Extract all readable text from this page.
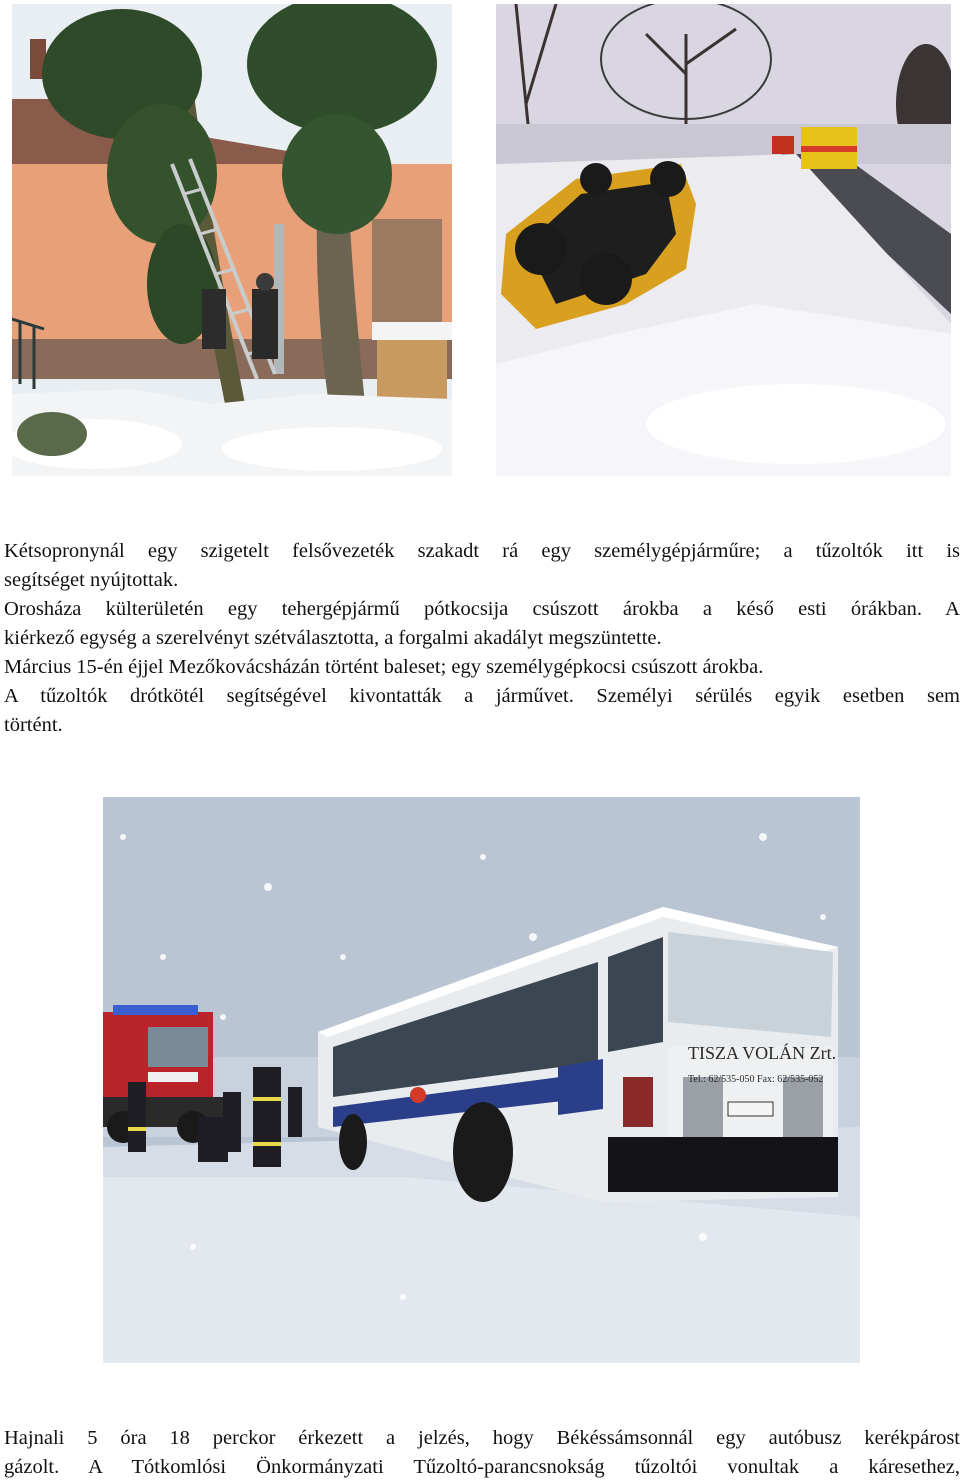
Kétsopronynál egy szigetelt felsővezeték szakadt rá egy személygépjárműre; a tűzoltók itt is

segítséget nyújtottak.

Orosháza külterületén egy tehergépjármű pótkocsija csúszott árokba a késő esti órákban. A

kiérkező egység a szerelvényt szétválasztotta, a forgalmi akadályt megszüntette.

Március 15-én éjjel Mezőkovácsházán történt baleset; egy személygépkocsi csúszott árokba.

A tűzoltók drótkötél segítségével kivontatták a járművet. Személyi sérülés egyik esetben sem

történt.

TISZA VOLÁN Zrt.
Tel.: 62/535-050 Fax: 62/535-052

Hajnali 5 óra 18 perckor érkezett a jelzés, hogy Békéssámsonnál egy autóbusz kerékpárost

gázolt. A Tótkomlósi Önkormányzati Tűzoltó-parancsnokság tűzoltói vonultak a káresethez,
